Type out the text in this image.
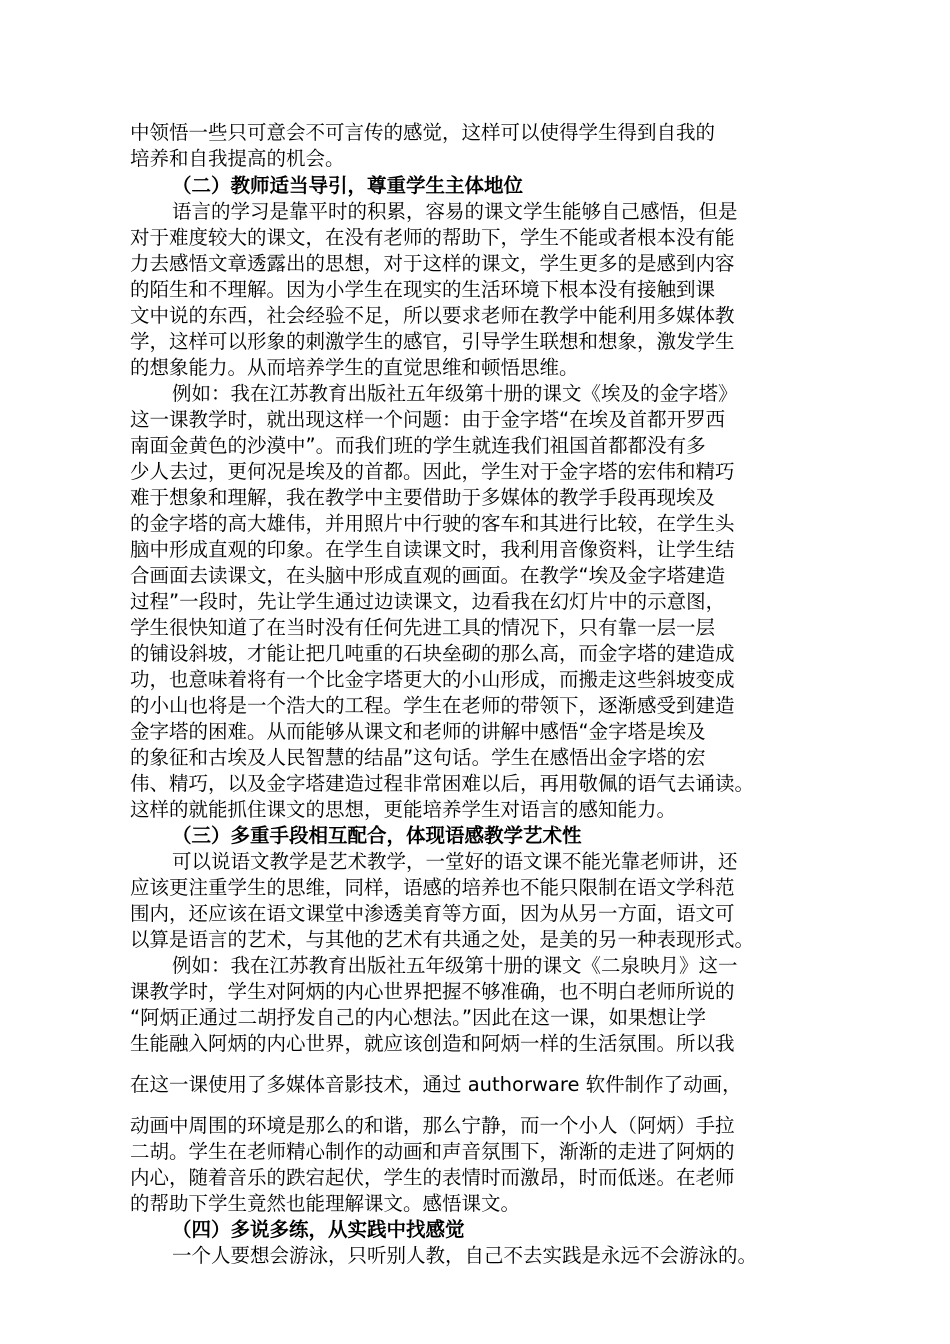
中领悟一些只可意会不可言传的感觉，这样可以使得学生得到自我的

培养和自我提高的机会。

（二）教师适当导引，尊重学生主体地位

语言的学习是靠平时的积累，容易的课文学生能够自己感悟，但是

对于难度较大的课文，在没有老师的帮助下，学生不能或者根本没有能

力去感悟文章透露出的思想，对于这样的课文，学生更多的是感到内容

的陌生和不理解。因为小学生在现实的生活环境下根本没有接触到课

文中说的东西，社会经验不足，所以要求老师在教学中能利用多媒体教

学，这样可以形象的刺激学生的感官，引导学生联想和想象，激发学生

的想象能力。从而培养学生的直觉思维和顿悟思维。

例如：我在江苏教育出版社五年级第十册的课文《埃及的金字塔》

这一课教学时，就出现这样一个问题：由于金字塔“在埃及首都开罗西

南面金黄色的沙漠中”。而我们班的学生就连我们祖国首都都没有多

少人去过，更何况是埃及的首都。因此，学生对于金字塔的宏伟和精巧

难于想象和理解，我在教学中主要借助于多媒体的教学手段再现埃及

的金字塔的高大雄伟，并用照片中行驶的客车和其进行比较，在学生头

脑中形成直观的印象。在学生自读课文时，我利用音像资料，让学生结

合画面去读课文，在头脑中形成直观的画面。在教学“埃及金字塔建造

过程”一段时，先让学生通过边读课文，边看我在幻灯片中的示意图，

学生很快知道了在当时没有任何先进工具的情况下，只有靠一层一层

的铺设斜坡，才能让把几吨重的石块垒砌的那么高，而金字塔的建造成

功，也意味着将有一个比金字塔更大的小山形成，而搬走这些斜坡变成

的小山也将是一个浩大的工程。学生在老师的带领下，逐渐感受到建造

金字塔的困难。从而能够从课文和老师的讲解中感悟“金字塔是埃及

的象征和古埃及人民智慧的结晶”这句话。学生在感悟出金字塔的宏

伟、精巧，以及金字塔建造过程非常困难以后，再用敬佩的语气去诵读。

这样的就能抓住课文的思想，更能培养学生对语言的感知能力。

（三）多重手段相互配合，体现语感教学艺术性

可以说语文教学是艺术教学，一堂好的语文课不能光靠老师讲，还

应该更注重学生的思维，同样，语感的培养也不能只限制在语文学科范

围内，还应该在语文课堂中渗透美育等方面，因为从另一方面，语文可

以算是语言的艺术，与其他的艺术有共通之处，是美的另一种表现形式。

例如：我在江苏教育出版社五年级第十册的课文《二泉映月》这一

课教学时，学生对阿炳的内心世界把握不够准确，也不明白老师所说的

“阿炳正通过二胡抒发自己的内心想法。”因此在这一课，如果想让学

生能融入阿炳的内心世界，就应该创造和阿炳一样的生活氛围。所以我

在这一课使用了多媒体音影技术，通过 authorware 软件制作了动画，

动画中周围的环境是那么的和谐，那么宁静，而一个小人（阿炳）手拉

二胡。学生在老师精心制作的动画和声音氛围下，渐渐的走进了阿炳的

内心，随着音乐的跌宕起伏，学生的表情时而激昂，时而低迷。在老师

的帮助下学生竟然也能理解课文。感悟课文。

（四）多说多练，从实践中找感觉

一个人要想会游泳，只听别人教，自己不去实践是永远不会游泳的。
